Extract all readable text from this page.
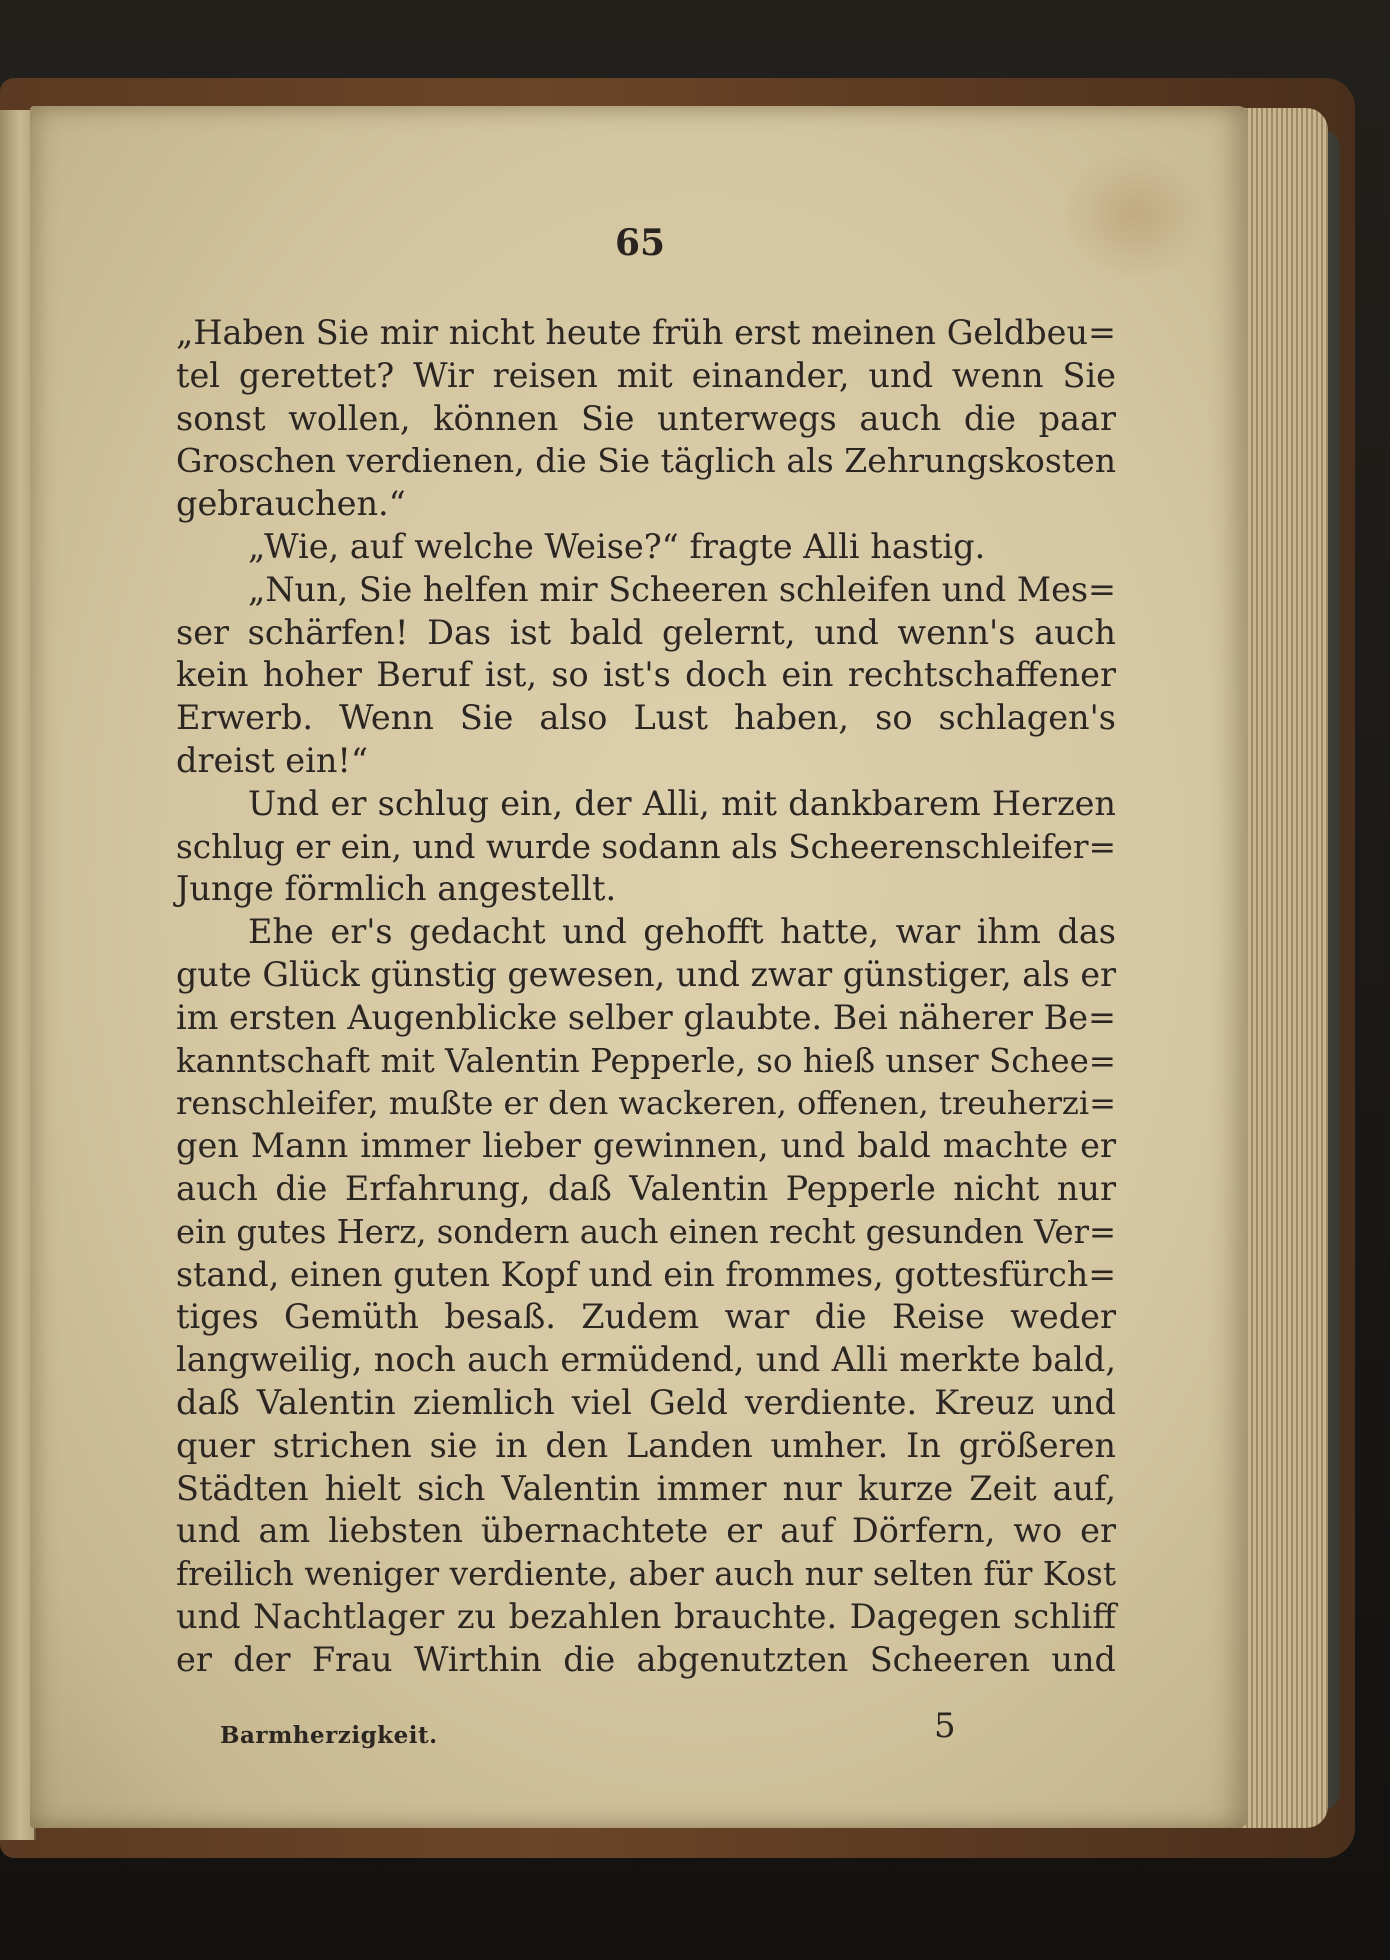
65
„Haben Sie mir nicht heute früh erst meinen Geldbeu=
tel gerettet? Wir reisen mit einander, und wenn Sie
sonst wollen, können Sie unterwegs auch die paar
Groschen verdienen, die Sie täglich als Zehrungskosten
gebrauchen.“
„Wie, auf welche Weise?“ fragte Alli hastig.
„Nun, Sie helfen mir Scheeren schleifen und Mes=
ser schärfen! Das ist bald gelernt, und wenn's auch
kein hoher Beruf ist, so ist's doch ein rechtschaffener
Erwerb. Wenn Sie also Lust haben, so schlagen's
dreist ein!“
Und er schlug ein, der Alli, mit dankbarem Herzen
schlug er ein, und wurde sodann als Scheerenschleifer=
Junge förmlich angestellt.
Ehe er's gedacht und gehofft hatte, war ihm das
gute Glück günstig gewesen, und zwar günstiger, als er
im ersten Augenblicke selber glaubte. Bei näherer Be=
kanntschaft mit Valentin Pepperle, so hieß unser Schee=
renschleifer, mußte er den wackeren, offenen, treuherzi=
gen Mann immer lieber gewinnen, und bald machte er
auch die Erfahrung, daß Valentin Pepperle nicht nur
ein gutes Herz, sondern auch einen recht gesunden Ver=
stand, einen guten Kopf und ein frommes, gottesfürch=
tiges Gemüth besaß. Zudem war die Reise weder
langweilig, noch auch ermüdend, und Alli merkte bald,
daß Valentin ziemlich viel Geld verdiente. Kreuz und
quer strichen sie in den Landen umher. In größeren
Städten hielt sich Valentin immer nur kurze Zeit auf,
und am liebsten übernachtete er auf Dörfern, wo er
freilich weniger verdiente, aber auch nur selten für Kost
und Nachtlager zu bezahlen brauchte. Dagegen schliff
er der Frau Wirthin die abgenutzten Scheeren und
Barmherzigkeit.	5
